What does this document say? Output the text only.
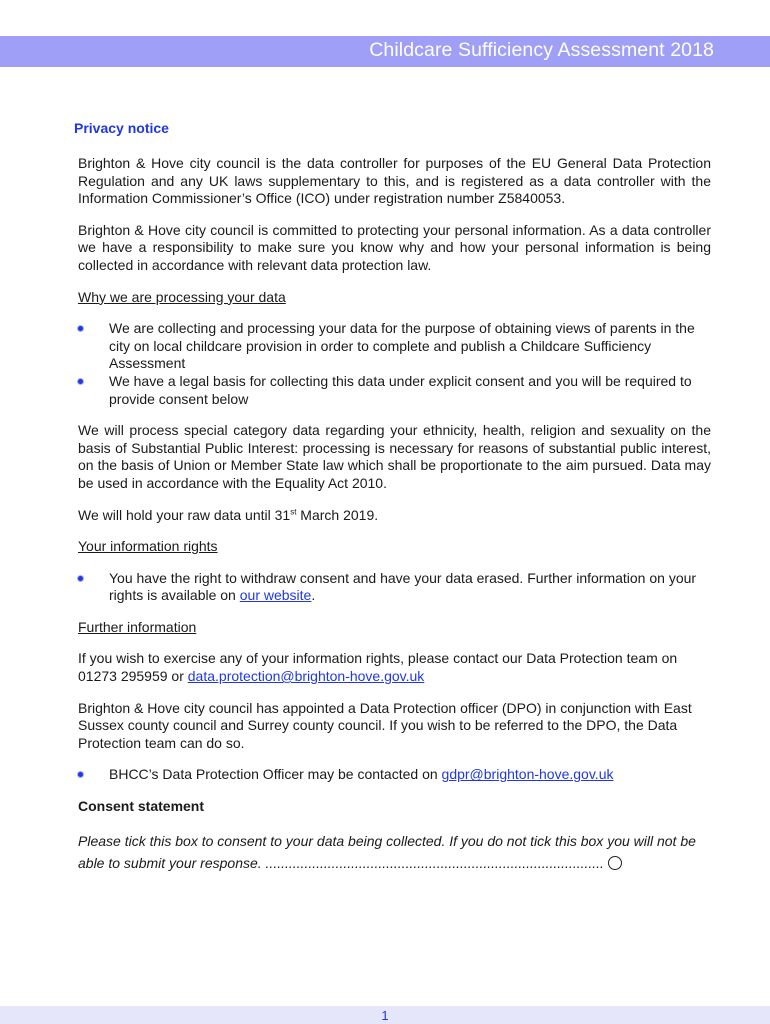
Childcare Sufficiency Assessment 2018
Privacy notice

Brighton & Hove city council is the data controller for purposes of the EU General Data Protection Regulation and any UK laws supplementary to this, and is registered as a data controller with the Information Commissioner’s Office (ICO) under registration number Z5840053.

Brighton & Hove city council is committed to protecting your personal information. As a data controller we have a responsibility to make sure you know why and how your personal information is being collected in accordance with relevant data protection law.

Why we are processing your data

We are collecting and processing your data for the purpose of obtaining views of parents in the city on local childcare provision in order to complete and publish a Childcare Sufficiency Assessment
We have a legal basis for collecting this data under explicit consent and you will be required to provide consent below

We will process special category data regarding your ethnicity, health, religion and sexuality on the basis of Substantial Public Interest: processing is necessary for reasons of substantial public interest, on the basis of Union or Member State law which shall be proportionate to the aim pursued. Data may be used in accordance with the Equality Act 2010.

We will hold your raw data until 31st March 2019.

Your information rights

You have the right to withdraw consent and have your data erased. Further information on your rights is available on our website.

Further information

If you wish to exercise any of your information rights, please contact our Data Protection team on 01273 295959 or data.protection@brighton-hove.gov.uk

Brighton & Hove city council has appointed a Data Protection officer (DPO) in conjunction with East Sussex county council and Surrey county council. If you wish to be referred to the DPO, the Data Protection team can do so.

BHCC’s Data Protection Officer may be contacted on gdpr@brighton-hove.gov.uk

Consent statement

Please tick this box to consent to your data being collected. If you do not tick this box you will not be able to submit your response. .......................................................................................

1
